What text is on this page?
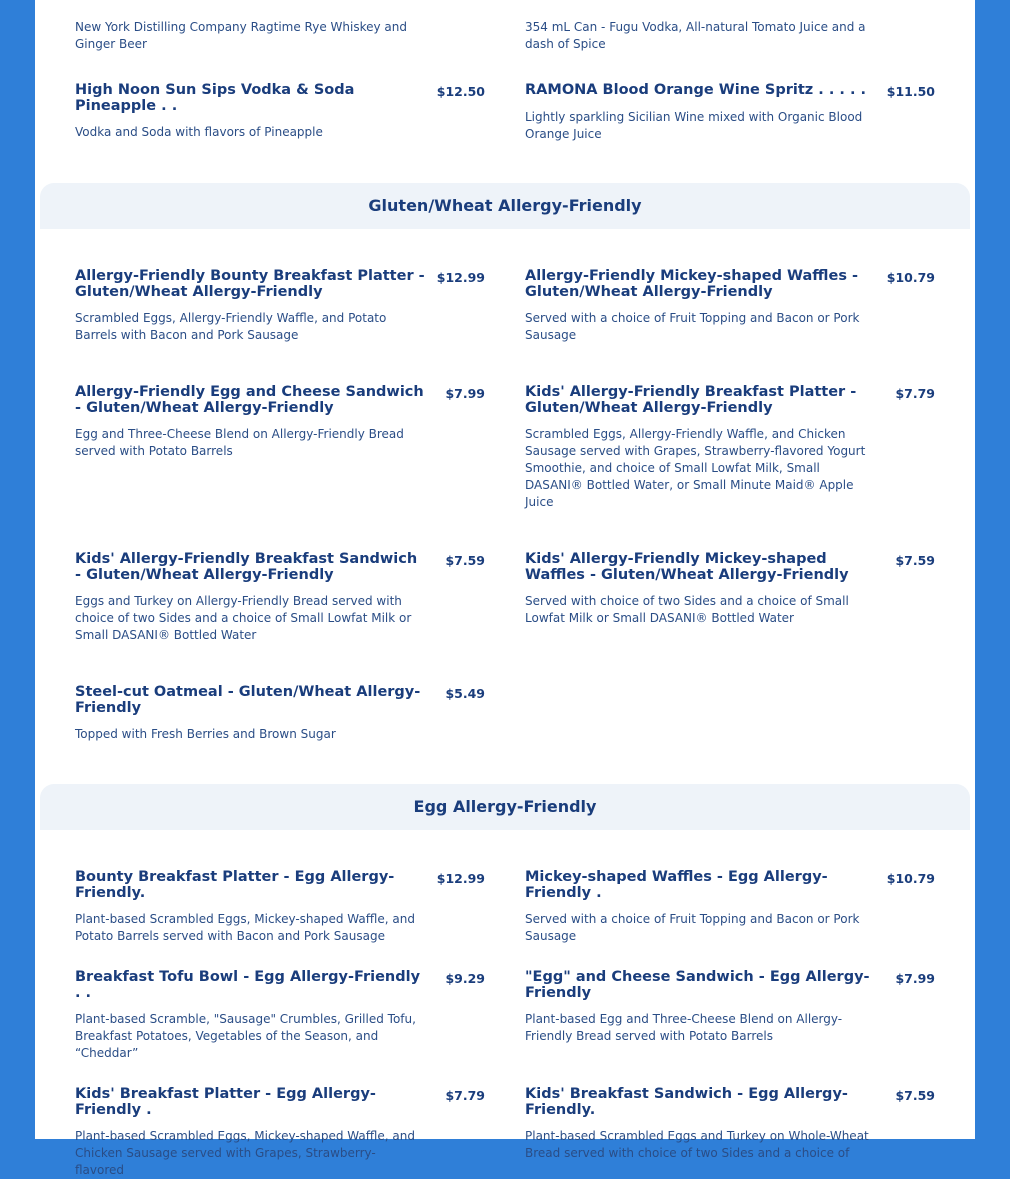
New York Distilling Company Ragtime Rye Whiskey and Ginger Beer
354 mL Can - Fugu Vodka, All-natural Tomato Juice and a dash of Spice
High Noon Sun Sips Vodka & Soda Pineapple . .
$12.50
Vodka and Soda with flavors of Pineapple
RAMONA Blood Orange Wine Spritz . . . . .	$11.50
Lightly sparkling Sicilian Wine mixed with Organic Blood Orange Juice
Gluten/Wheat Allergy-Friendly
Allergy-Friendly Bounty Breakfast Platter - Gluten/Wheat Allergy-Friendly
$12.99
Scrambled Eggs, Allergy-Friendly Waffle, and Potato Barrels with Bacon and Pork Sausage
Allergy-Friendly Mickey-shaped Waffles - Gluten/Wheat Allergy-Friendly
$10.79
Served with a choice of Fruit Topping and Bacon or Pork Sausage
Allergy-Friendly Egg and Cheese Sandwich - Gluten/Wheat Allergy-Friendly
$7.99
Egg and Three-Cheese Blend on Allergy-Friendly Bread served with Potato Barrels
Kids' Allergy-Friendly Breakfast Platter - Gluten/Wheat Allergy-Friendly
$7.79
Scrambled Eggs, Allergy-Friendly Waffle, and Chicken Sausage served with Grapes, Strawberry-flavored Yogurt Smoothie, and choice of Small Lowfat Milk, Small DASANI® Bottled Water, or Small Minute Maid® Apple Juice
Kids' Allergy-Friendly Breakfast Sandwich - Gluten/Wheat Allergy-Friendly
$7.59
Eggs and Turkey on Allergy-Friendly Bread served with choice of two Sides and a choice of Small Lowfat Milk or Small DASANI® Bottled Water
Kids' Allergy-Friendly Mickey-shaped Waffles - Gluten/Wheat Allergy-Friendly
$7.59
Served with choice of two Sides and a choice of Small Lowfat Milk or Small DASANI® Bottled Water
Steel-cut Oatmeal - Gluten/Wheat Allergy-Friendly
$5.49
Topped with Fresh Berries and Brown Sugar
Egg Allergy-Friendly
Bounty Breakfast Platter - Egg Allergy-Friendly.
$12.99
Plant-based Scrambled Eggs, Mickey-shaped Waffle, and Potato Barrels served with Bacon and Pork Sausage
Mickey-shaped Waffles - Egg Allergy-Friendly .
$10.79
Served with a choice of Fruit Topping and Bacon or Pork Sausage
Breakfast Tofu Bowl - Egg Allergy-Friendly . .
$9.29
Plant-based Scramble, "Sausage" Crumbles, Grilled Tofu, Breakfast Potatoes, Vegetables of the Season, and “Cheddar”
"Egg" and Cheese Sandwich - Egg Allergy-Friendly
$7.99
Plant-based Egg and Three-Cheese Blend on Allergy-Friendly Bread served with Potato Barrels
Kids' Breakfast Platter - Egg Allergy-Friendly .
$7.79
Plant-based Scrambled Eggs, Mickey-shaped Waffle, and Chicken Sausage served with Grapes, Strawberry-flavored
Kids' Breakfast Sandwich - Egg Allergy-Friendly.
$7.59
Plant-based Scrambled Eggs and Turkey on Whole-Wheat Bread served with choice of two Sides and a choice of
